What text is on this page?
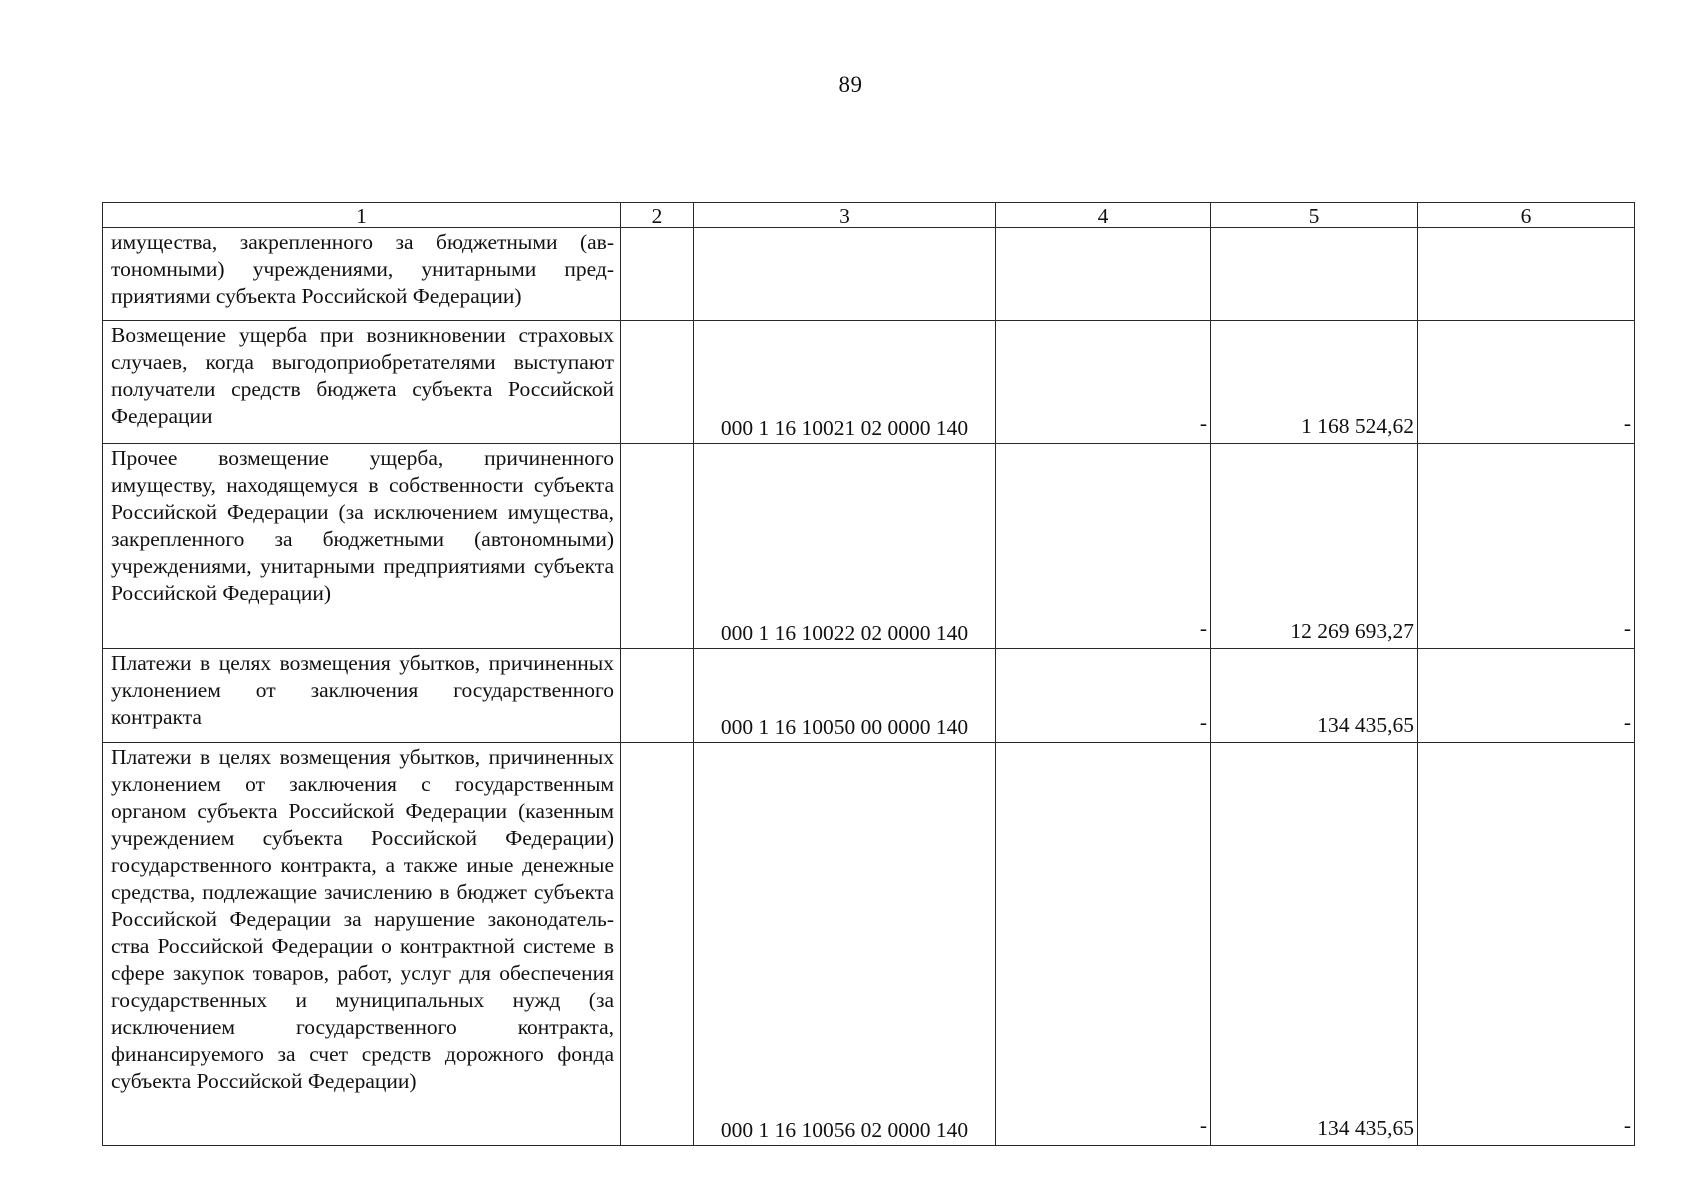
89
1	2	3	4	5	6
имущества, закрепленного за бюджетными (автономными) учреждениями, унитарными предприятиями субъекта Российской Федерации)					
Возмещение ущерба при возникновении страховых случаев, когда выгодоприобретателями выступают получатели средств бюджета субъекта Российской Федерации		000 1 16 10021 02 0000 140	-	1 168 524,62	-
Прочее возмещение ущерба, причиненного имуществу, находящемуся в собственности субъекта Российской Федерации (за исключением имущества, закрепленного за бюджетными (автономными) учреждениями, унитарными предприятиями субъекта Российской Федерации)		000 1 16 10022 02 0000 140	-	12 269 693,27	-
Платежи в целях возмещения убытков, причиненных уклонением от заключения государственного контракта		000 1 16 10050 00 0000 140	-	134 435,65	-
Платежи в целях возмещения убытков, причиненных уклонением от заключения с государственным органом субъекта Российской Федерации (казенным учреждением субъекта Российской Федерации) государственного контракта, а также иные денежные средства, подлежащие зачислению в бюджет субъекта Российской Федерации за нарушение законодательства Российской Федерации о контрактной системе в сфере закупок товаров, работ, услуг для обеспечения государственных и муниципальных нужд (за исключением государственного контракта, финансируемого за счет средств дорожного фонда субъекта Российской Федерации)		000 1 16 10056 02 0000 140	-	134 435,65	-
